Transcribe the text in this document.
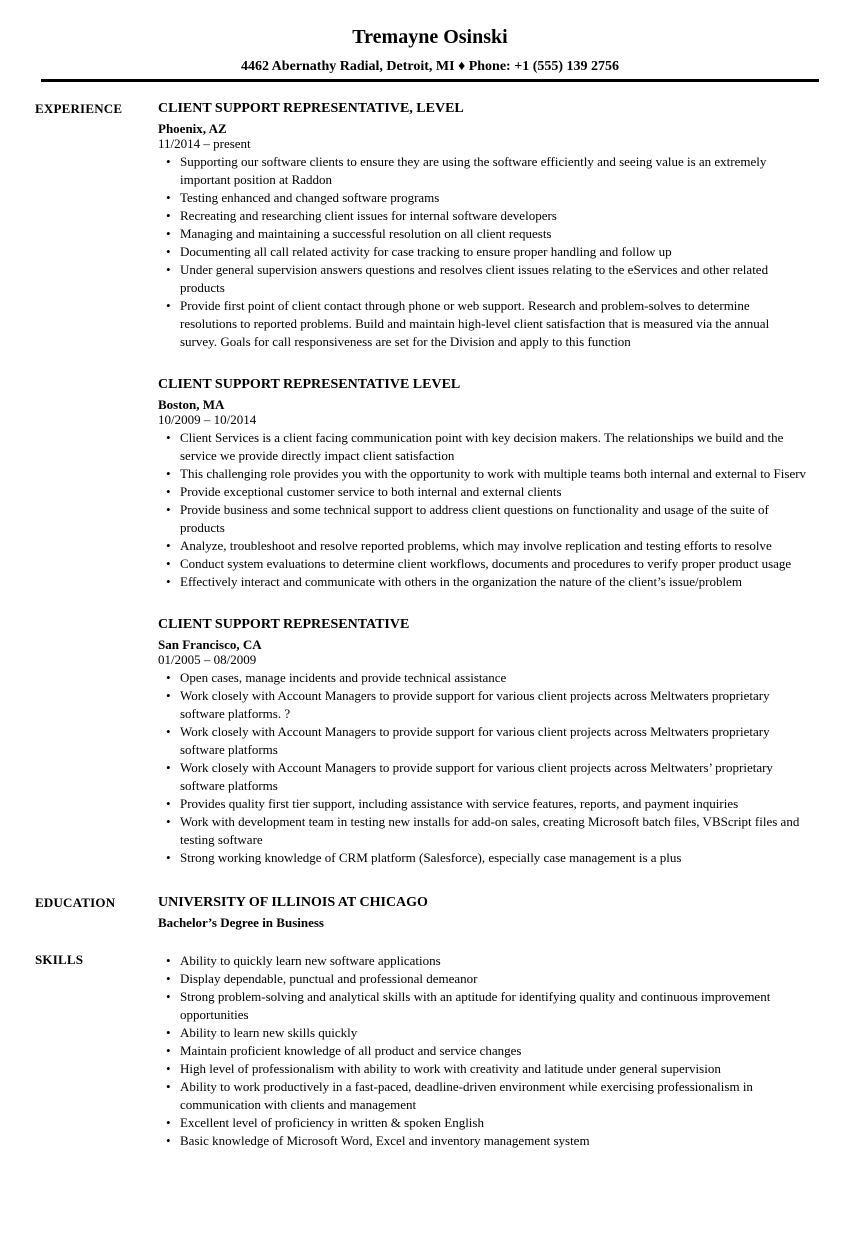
Tremayne Osinski
4462 Abernathy Radial, Detroit, MI ♦ Phone: +1 (555) 139 2756
EXPERIENCE	CLIENT SUPPORT REPRESENTATIVE, LEVEL
Phoenix, AZ
11/2014 – present
• Supporting our software clients to ensure they are using the software efficiently and seeing value is an extremely important position at Raddon
• Testing enhanced and changed software programs
• Recreating and researching client issues for internal software developers
• Managing and maintaining a successful resolution on all client requests
• Documenting all call related activity for case tracking to ensure proper handling and follow up
• Under general supervision answers questions and resolves client issues relating to the eServices and other related products
• Provide first point of client contact through phone or web support. Research and problem-solves to determine resolutions to reported problems. Build and maintain high-level client satisfaction that is measured via the annual survey. Goals for call responsiveness are set for the Division and apply to this function
CLIENT SUPPORT REPRESENTATIVE LEVEL
Boston, MA
10/2009 – 10/2014
• Client Services is a client facing communication point with key decision makers. The relationships we build and the service we provide directly impact client satisfaction
• This challenging role provides you with the opportunity to work with multiple teams both internal and external to Fiserv
• Provide exceptional customer service to both internal and external clients
• Provide business and some technical support to address client questions on functionality and usage of the suite of products
• Analyze, troubleshoot and resolve reported problems, which may involve replication and testing efforts to resolve
• Conduct system evaluations to determine client workflows, documents and procedures to verify proper product usage
• Effectively interact and communicate with others in the organization the nature of the client’s issue/problem
CLIENT SUPPORT REPRESENTATIVE
San Francisco, CA
01/2005 – 08/2009
• Open cases, manage incidents and provide technical assistance
• Work closely with Account Managers to provide support for various client projects across Meltwaters proprietary software platforms. ?
• Work closely with Account Managers to provide support for various client projects across Meltwaters proprietary software platforms
• Work closely with Account Managers to provide support for various client projects across Meltwaters’ proprietary software platforms
• Provides quality first tier support, including assistance with service features, reports, and payment inquiries
• Work with development team in testing new installs for add-on sales, creating Microsoft batch files, VBScript files and testing software
• Strong working knowledge of CRM platform (Salesforce), especially case management is a plus
EDUCATION	UNIVERSITY OF ILLINOIS AT CHICAGO
Bachelor’s Degree in Business
SKILLS	• Ability to quickly learn new software applications
• Display dependable, punctual and professional demeanor
• Strong problem-solving and analytical skills with an aptitude for identifying quality and continuous improvement opportunities
• Ability to learn new skills quickly
• Maintain proficient knowledge of all product and service changes
• High level of professionalism with ability to work with creativity and latitude under general supervision
• Ability to work productively in a fast-paced, deadline-driven environment while exercising professionalism in communication with clients and management
• Excellent level of proficiency in written & spoken English
• Basic knowledge of Microsoft Word, Excel and inventory management system
